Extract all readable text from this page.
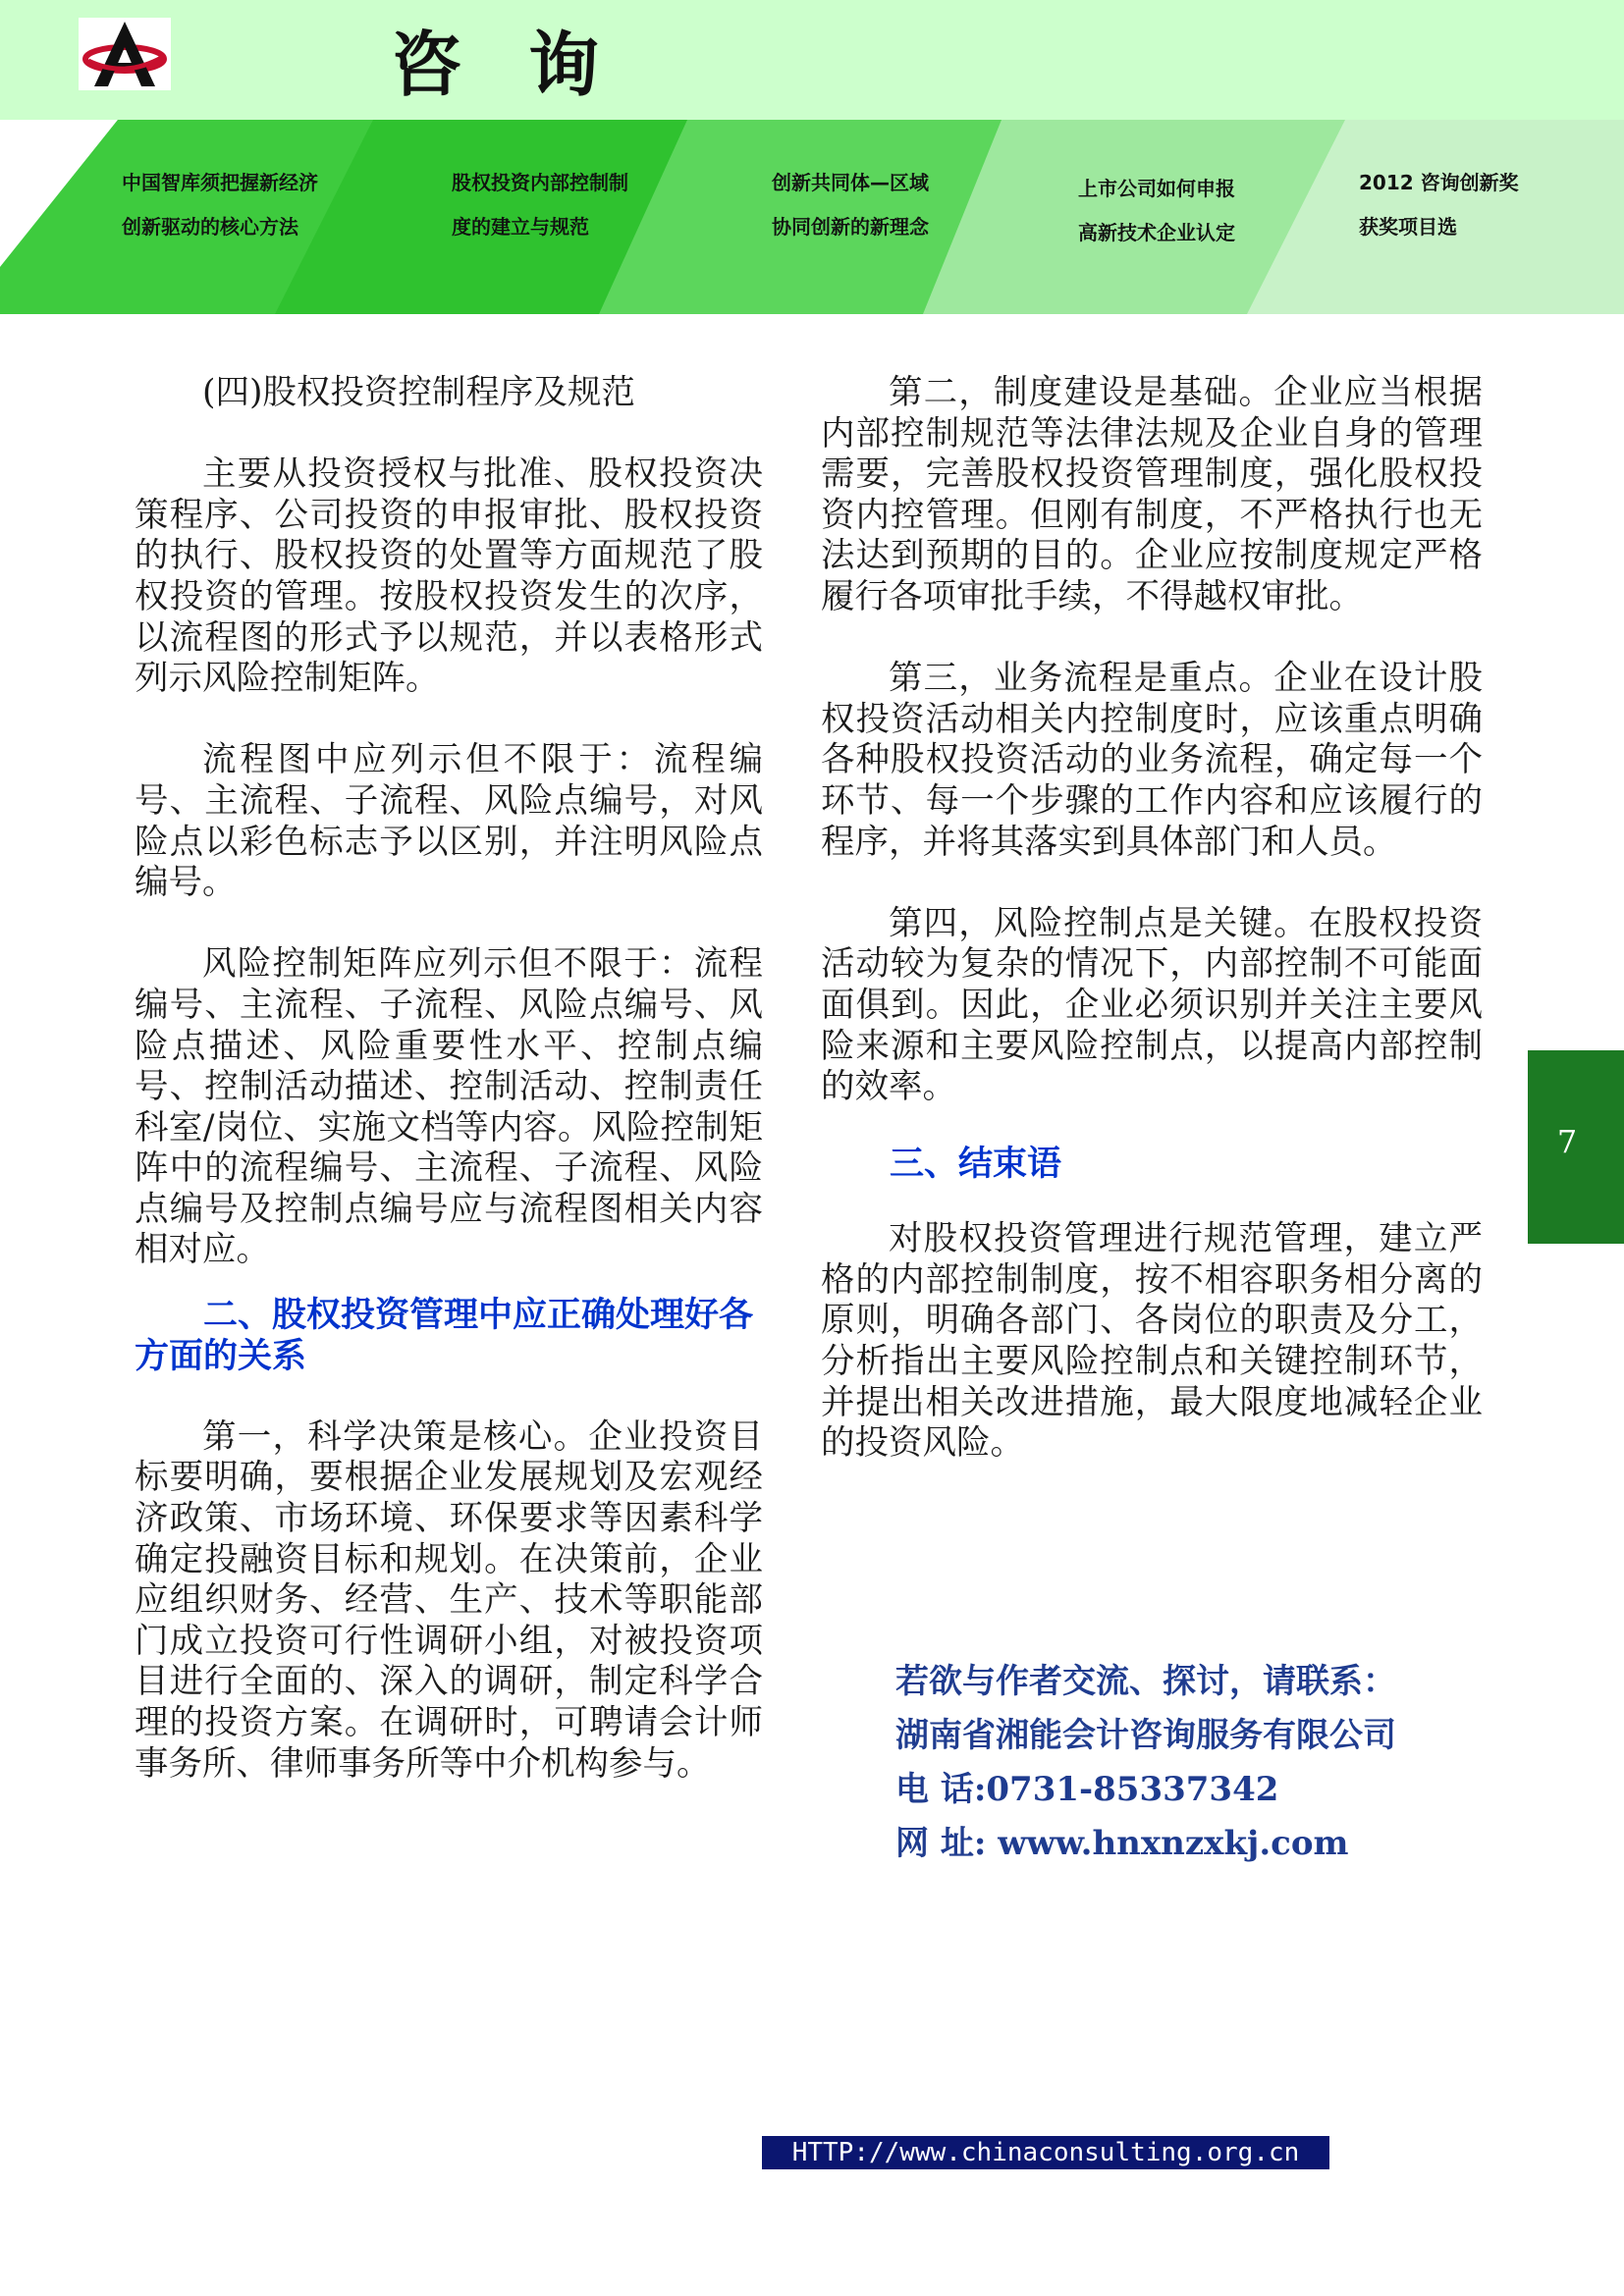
咨询
中国智库须把握新经济
创新驱动的核心方法
股权投资内部控制制
度的建立与规范
创新共同体—区域
协同创新的新理念
上市公司如何申报
高新技术企业认定
2012 咨询创新奖
获奖项目选

(四)股权投资控制程序及规范

主要从投资授权与批准、股权投资决策程序、公司投资的申报审批、股权投资的执行、股权投资的处置等方面规范了股权投资的管理。按股权投资发生的次序，以流程图的形式予以规范，并以表格形式列示风险控制矩阵。

流程图中应列示但不限于：流程编号、主流程、子流程、风险点编号，对风险点以彩色标志予以区别，并注明风险点编号。

风险控制矩阵应列示但不限于：流程编号、主流程、子流程、风险点编号、风险点描述、风险重要性水平、控制点编号、控制活动描述、控制活动、控制责任科室/岗位、实施文档等内容。风险控制矩阵中的流程编号、主流程、子流程、风险点编号及控制点编号应与流程图相关内容相对应。

二、股权投资管理中应正确处理好各方面的关系

第一，科学决策是核心。企业投资目标要明确，要根据企业发展规划及宏观经济政策、市场环境、环保要求等因素科学确定投融资目标和规划。在决策前，企业应组织财务、经营、生产、技术等职能部门成立投资可行性调研小组，对被投资项目进行全面的、深入的调研，制定科学合理的投资方案。在调研时，可聘请会计师事务所、律师事务所等中介机构参与。

第二，制度建设是基础。企业应当根据内部控制规范等法律法规及企业自身的管理需要，完善股权投资管理制度，强化股权投资内控管理。但刚有制度，不严格执行也无法达到预期的目的。企业应按制度规定严格履行各项审批手续，不得越权审批。

第三，业务流程是重点。企业在设计股权投资活动相关内控制度时，应该重点明确各种股权投资活动的业务流程，确定每一个环节、每一个步骤的工作内容和应该履行的程序，并将其落实到具体部门和人员。

第四，风险控制点是关键。在股权投资活动较为复杂的情况下，内部控制不可能面面俱到。因此，企业必须识别并关注主要风险来源和主要风险控制点，以提高内部控制的效率。

三、结束语

对股权投资管理进行规范管理，建立严格的内部控制制度，按不相容职务相分离的原则，明确各部门、各岗位的职责及分工，分析指出主要风险控制点和关键控制环节，并提出相关改进措施，最大限度地减轻企业的投资风险。

若欲与作者交流、探讨，请联系：
湖南省湘能会计咨询服务有限公司
电 话:0731-85337342
网 址: www.hnxnzxkj.com
7
HTTP://www.chinaconsulting.org.cn
